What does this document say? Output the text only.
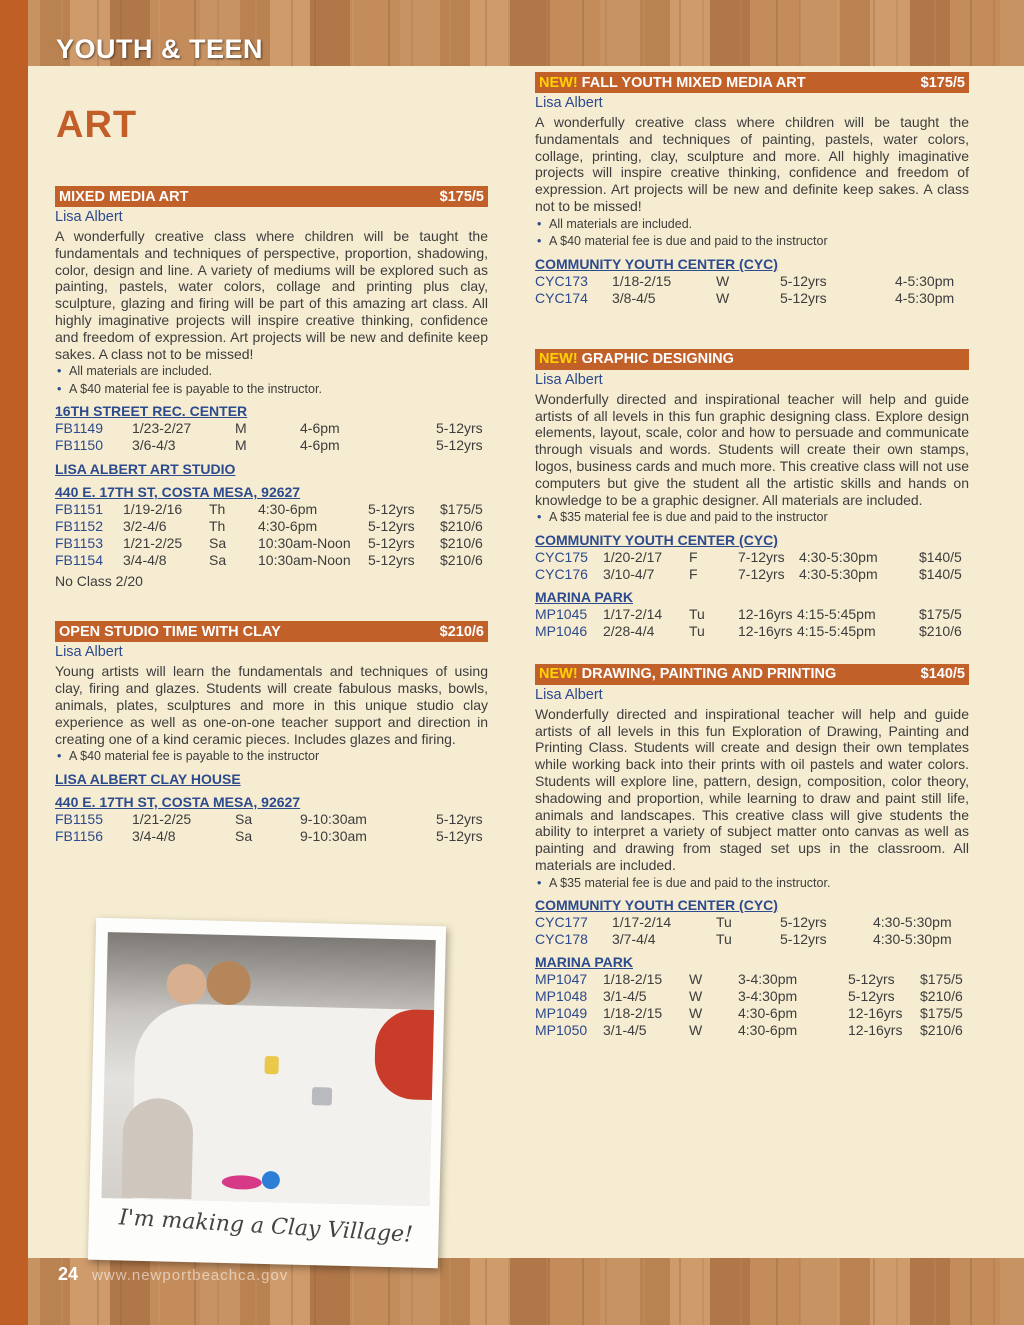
YOUTH & TEEN
ART
MIXED MEDIA ART	$175/5
Lisa Albert
A wonderfully creative class where children will be taught the fundamentals and techniques of perspective, proportion, shadowing, color, design and line. A variety of mediums will be explored such as painting, pastels, water colors, collage and printing plus clay, sculpture, glazing and firing will be part of this amazing art class. All highly imaginative projects will inspire creative thinking, confidence and freedom of expression. Art projects will be new and definite keep sakes. A class not to be missed!
• All materials are included.
• A $40 material fee is payable to the instructor.
16TH STREET REC. CENTER
FB1149 1/23-2/27	M	4-6pm	5-12yrs
FB1150 3/6-4/3	M	4-6pm	5-12yrs
LISA ALBERT ART STUDIO
440 E. 17TH ST, COSTA MESA, 92627
FB1151 1/19-2/16 Th 4:30-6pm	5-12yrs $175/5
FB1152 3/2-4/6	Th 4:30-6pm	5-12yrs $210/6
FB1153 1/21-2/25 Sa 10:30am-Noon 5-12yrs $210/6
FB1154 3/4-4/8	Sa 10:30am-Noon 5-12yrs $210/6
No Class 2/20
OPEN STUDIO TIME WITH CLAY	$210/6
Lisa Albert
Young artists will learn the fundamentals and techniques of using clay, firing and glazes. Students will create fabulous masks, bowls, animals, plates, sculptures and more in this unique studio clay experience as well as one-on-one teacher support and direction in creating one of a kind ceramic pieces. Includes glazes and firing.
• A $40 material fee is payable to the instructor
LISA ALBERT CLAY HOUSE
440 E. 17TH ST, COSTA MESA, 92627
FB1155 1/21-2/25	Sa	9-10:30am	5-12yrs
FB1156 3/4-4/8	Sa	9-10:30am	5-12yrs
NEW! FALL YOUTH MIXED MEDIA ART	$175/5
Lisa Albert
A wonderfully creative class where children will be taught the fundamentals and techniques of painting, pastels, water colors, collage, printing, clay, sculpture and more. All highly imaginative projects will inspire creative thinking, confidence and freedom of expression. Art projects will be new and definite keep sakes. A class not to be missed!
• All materials are included.
• A $40 material fee is due and paid to the instructor
COMMUNITY YOUTH CENTER (CYC)
CYC173 1/18-2/15	W	5-12yrs	4-5:30pm
CYC174 3/8-4/5	W	5-12yrs	4-5:30pm
NEW! GRAPHIC DESIGNING
Lisa Albert
Wonderfully directed and inspirational teacher will help and guide artists of all levels in this fun graphic designing class. Explore design elements, layout, scale, color and how to persuade and communicate through visuals and words. Students will create their own stamps, logos, business cards and much more. This creative class will not use computers but give the student all the artistic skills and hands on knowledge to be a graphic designer. All materials are included.
• A $35 material fee is due and paid to the instructor
COMMUNITY YOUTH CENTER (CYC)
CYC175 1/20-2/17 F	7-12yrs 4:30-5:30pm	$140/5
CYC176 3/10-4/7 F	7-12yrs 4:30-5:30pm	$140/5
MARINA PARK
MP1045 1/17-2/14 Tu 12-16yrs 4:15-5:45pm	$175/5
MP1046 2/28-4/4 Tu 12-16yrs 4:15-5:45pm	$210/6
NEW! DRAWING, PAINTING AND PRINTING	$140/5
Lisa Albert
Wonderfully directed and inspirational teacher will help and guide artists of all levels in this fun Exploration of Drawing, Painting and Printing Class. Students will create and design their own templates while working back into their prints with oil pastels and water colors. Students will explore line, pattern, design, composition, color theory, shadowing and proportion, while learning to draw and paint still life, animals and landscapes. This creative class will give students the ability to interpret a variety of subject matter onto canvas as well as painting and drawing from staged set ups in the classroom. All materials are included.
• A $35 material fee is due and paid to the instructor.
COMMUNITY YOUTH CENTER (CYC)
CYC177 1/17-2/14	Tu	5-12yrs	4:30-5:30pm
CYC178 3/7-4/4	Tu	5-12yrs	4:30-5:30pm
MARINA PARK
MP1047 1/18-2/15 W	3-4:30pm	5-12yrs $175/5
MP1048 3/1-4/5	W	3-4:30pm	5-12yrs $210/6
MP1049 1/18-2/15 W	4:30-6pm	12-16yrs $175/5
MP1050 3/1-4/5	W	4:30-6pm	12-16yrs $210/6
I'm making a Clay Village!
24 www.newportbeachca.gov
